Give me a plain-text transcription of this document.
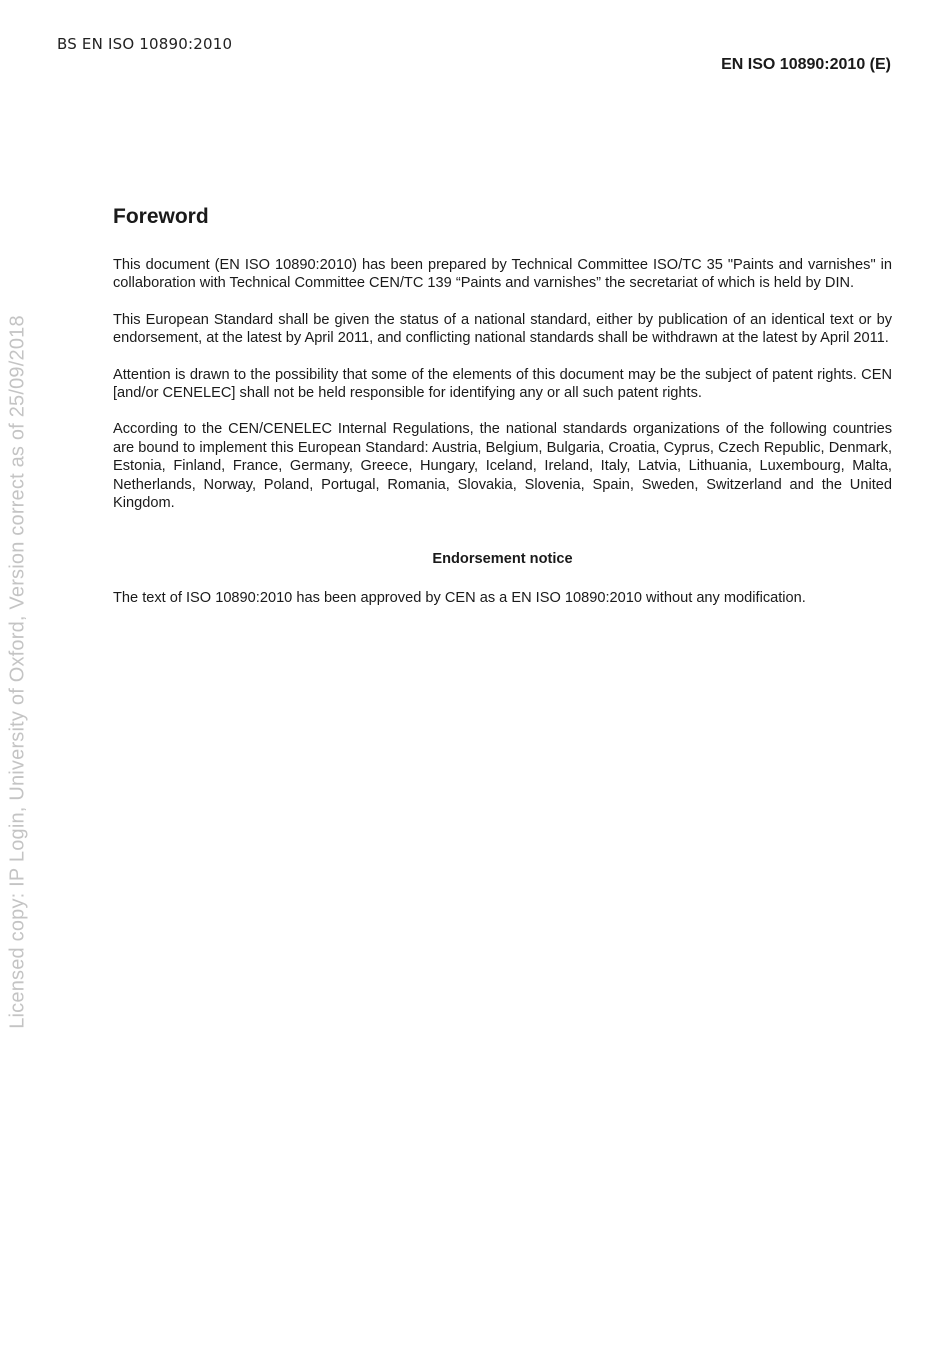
BS EN ISO 10890:2010
EN ISO 10890:2010 (E)
Licensed copy: IP Login, University of Oxford, Version correct as of 25/09/2018
Foreword

This document (EN ISO 10890:2010) has been prepared by Technical Committee ISO/TC 35 "Paints and varnishes" in collaboration with Technical Committee CEN/TC 139 “Paints and varnishes” the secretariat of which is held by DIN.

This European Standard shall be given the status of a national standard, either by publication of an identical text or by endorsement, at the latest by April 2011, and conflicting national standards shall be withdrawn at the latest by April 2011.

Attention is drawn to the possibility that some of the elements of this document may be the subject of patent rights. CEN [and/or CENELEC] shall not be held responsible for identifying any or all such patent rights.

According to the CEN/CENELEC Internal Regulations, the national standards organizations of the following countries are bound to implement this European Standard: Austria, Belgium, Bulgaria, Croatia, Cyprus, Czech Republic, Denmark, Estonia, Finland, France, Germany, Greece, Hungary, Iceland, Ireland, Italy, Latvia, Lithuania, Luxembourg, Malta, Netherlands, Norway, Poland, Portugal, Romania, Slovakia, Slovenia, Spain, Sweden, Switzerland and the United Kingdom.

Endorsement notice

The text of ISO 10890:2010 has been approved by CEN as a EN ISO 10890:2010 without any modification.
